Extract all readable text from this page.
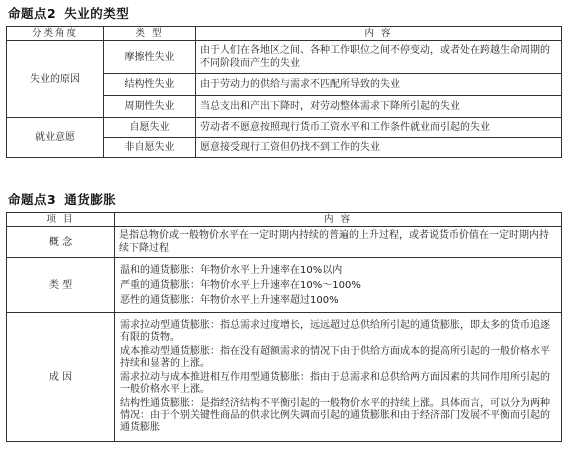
命题点2 失业的类型
分类角度	类 型	内 容
失业的原因	摩擦性失业	由于人们在各地区之间、各种工作职位之间不停变动，或者处在跨越生命周期的不同阶段而产生的失业
	结构性失业	由于劳动力的供给与需求不匹配所导致的失业
	周期性失业	当总支出和产出下降时，对劳动整体需求下降所引起的失业
就业意愿	自愿失业	劳动者不愿意按照现行货币工资水平和工作条件就业而引起的失业
	非自愿失业	愿意接受现行工资但仍找不到工作的失业
命题点3 通货膨胀
项 目	内 容
概 念	是指总物价或一般物价水平在一定时期内持续的普遍的上升过程，或者说货币价值在一定时期内持续下降过程
类 型	温和的通货膨胀：年物价水平上升速率在10%以内
严重的通货膨胀：年物价水平上升速率在10%～100%
恶性的通货膨胀：年物价水平上升速率超过100%

成 因	需求拉动型通货膨胀：指总需求过度增长，远远超过总供给所引起的通货膨胀，即太多的货币追逐有限的货物。
成本推动型通货膨胀：指在没有超额需求的情况下由于供给方面成本的提高所引起的一般价格水平持续和显著的上涨。
需求拉动与成本推进相互作用型通货膨胀：指由于总需求和总供给两方面因素的共同作用所引起的一般价格水平上涨。
结构性通货膨胀：是指经济结构不平衡引起的一般物价水平的持续上涨。具体而言，可以分为两种情况：由于个别关键性商品的供求比例失调而引起的通货膨胀和由于经济部门发展不平衡而引起的通货膨胀
